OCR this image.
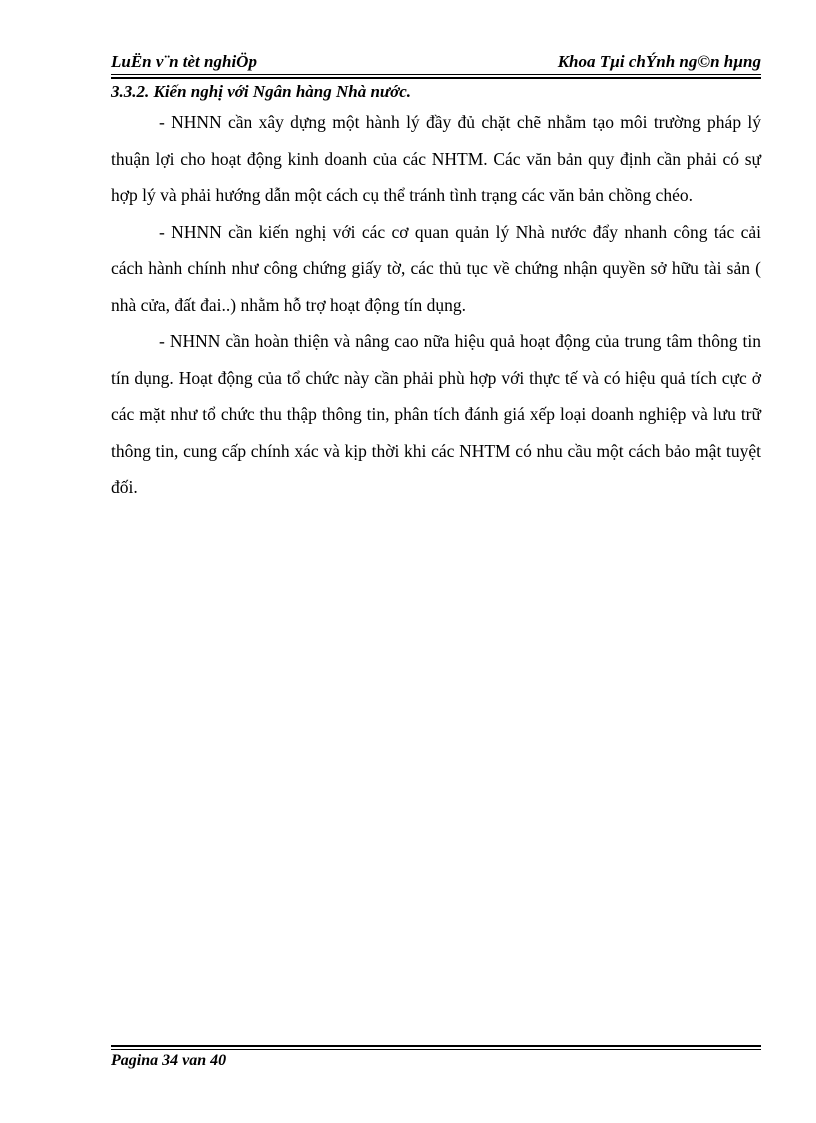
LuËn v¨n tèt nghiÖp	Khoa Tµi chÝnh ng©n hµng

3.3.2. Kiến nghị với Ngân hàng Nhà nước.

- NHNN cần xây dựng một hành lý đầy đủ chặt chẽ nhằm tạo môi trường pháp lý thuận lợi cho hoạt động kinh doanh của các NHTM. Các văn bản quy định cần phải có sự hợp lý và phải hướng dẫn một cách cụ thể tránh tình trạng các văn bản chồng chéo.

- NHNN cần kiến nghị với các cơ quan quản lý Nhà nước đẩy nhanh công tác cải cách hành chính như công chứng giấy tờ, các thủ tục về chứng nhận quyền sở hữu tài sản ( nhà cửa, đất đai..) nhằm hỗ trợ hoạt động tín dụng.

- NHNN cần hoàn thiện và nâng cao nữa hiệu quả hoạt động của trung tâm thông tin tín dụng. Hoạt động của tổ chức này cần phải phù hợp với thực tế và có hiệu quả tích cực ở các mặt như tổ chức thu thập thông tin, phân tích đánh giá xếp loại doanh nghiệp và lưu trữ thông tin, cung cấp chính xác và kịp thời khi các NHTM có nhu cầu một cách bảo mật tuyệt đối.

Pagina 34 van 40
